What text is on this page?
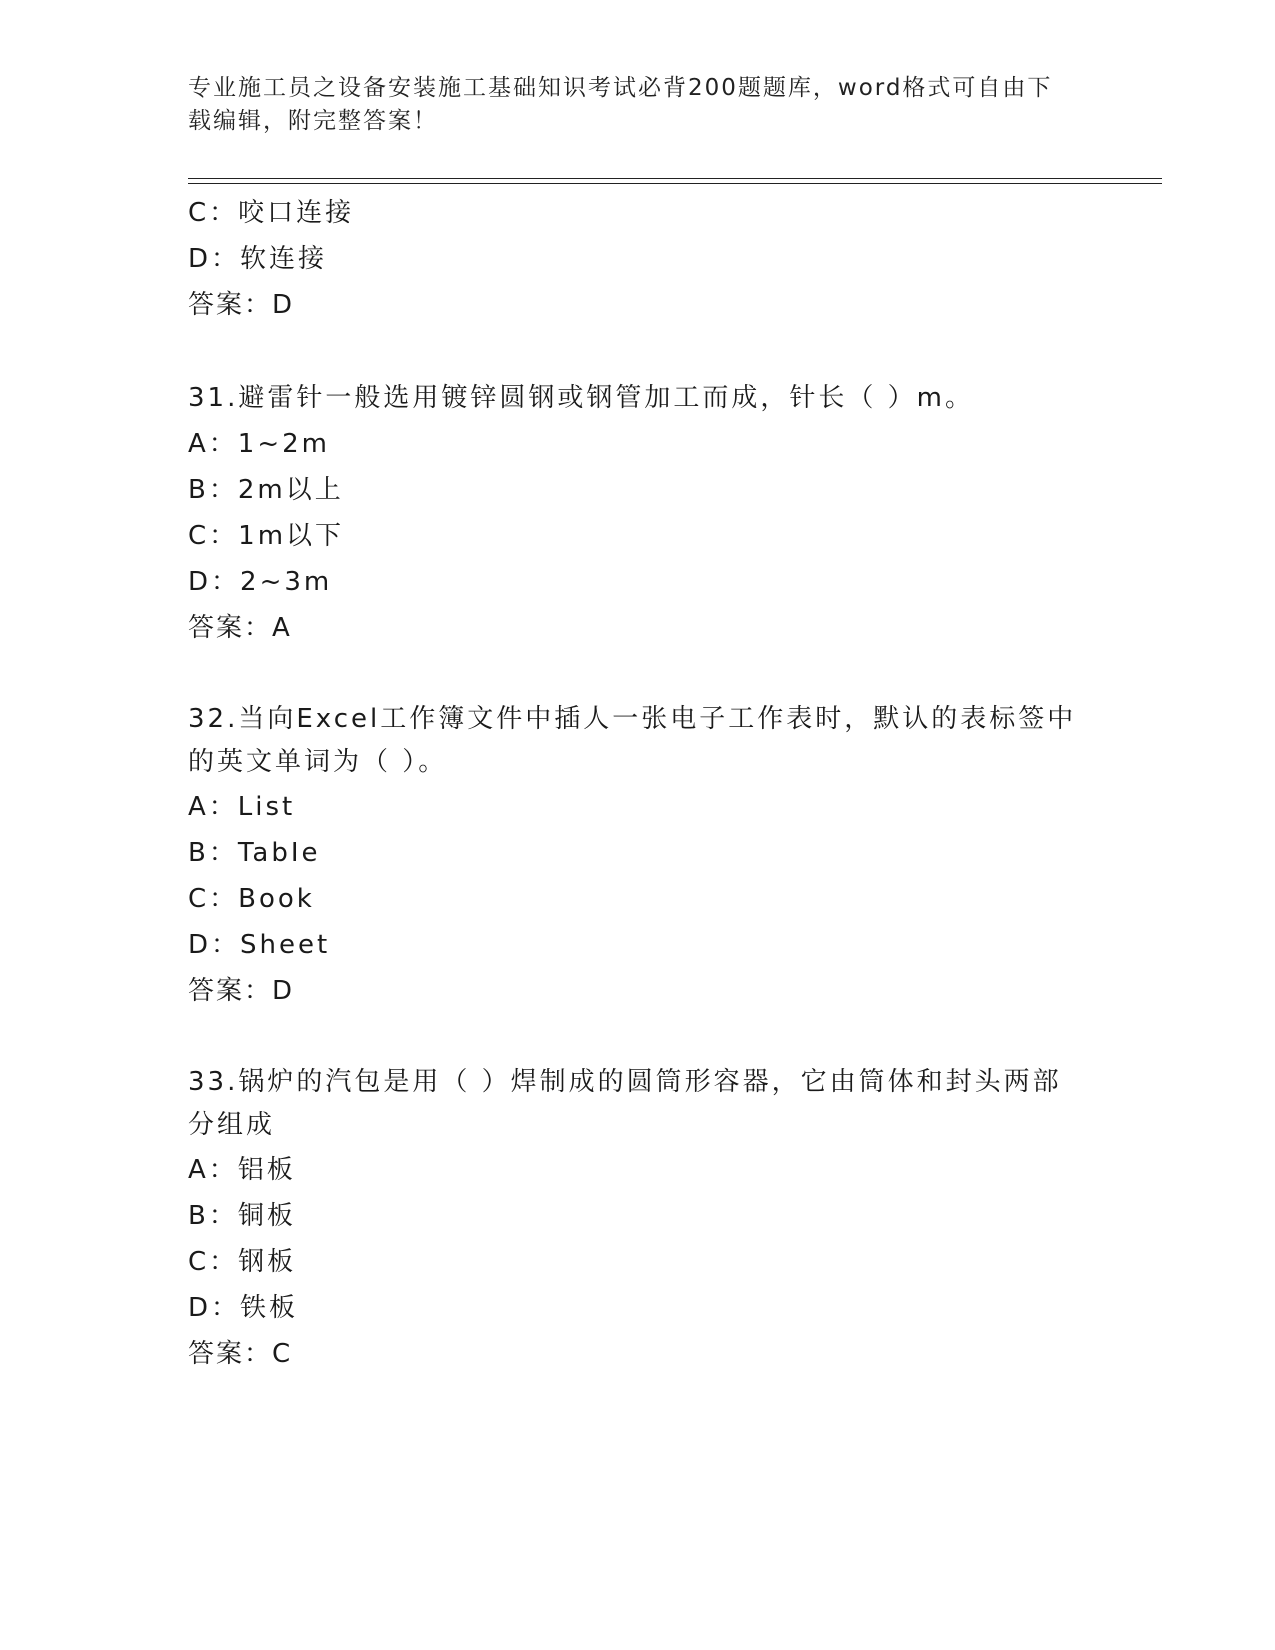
专业施工员之设备安装施工基础知识考试必背200题题库，word格式可自由下载编辑，附完整答案！
C：咬口连接
D：软连接
答案：D
31.避雷针一般选用镀锌圆钢或钢管加工而成，针长（ ）m。
A：1~2m
B：2m以上
C：1m以下
D：2~3m
答案：A
32.当向Excel工作簿文件中插人一张电子工作表时，默认的表标签中的英文单词为（ ）。
A：List
B：TabIe
C：Book
D：Sheet
答案：D
33.锅炉的汽包是用（ ）焊制成的圆筒形容器，它由筒体和封头两部分组成
A：铝板
B：铜板
C：钢板
D：铁板
答案：C
